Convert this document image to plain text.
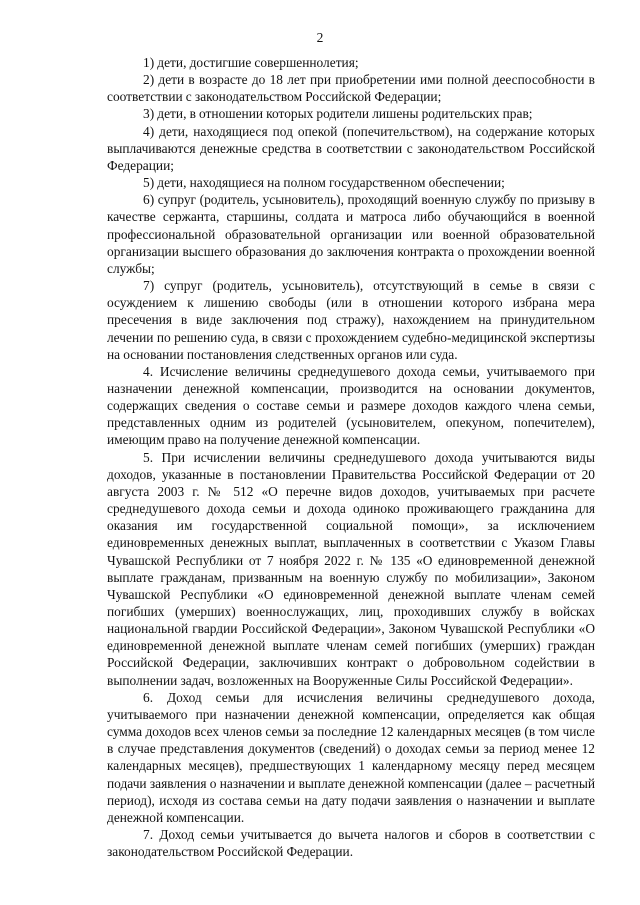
2

1) дети, достигшие совершеннолетия;

2) дети в возрасте до 18 лет при приобретении ими полной дееспособности в соответствии с законодательством Российской Федерации;

3) дети, в отношении которых родители лишены родительских прав;

4) дети, находящиеся под опекой (попечительством), на содержание которых выплачиваются денежные средства в соответствии с законодательством Российской Федерации;

5) дети, находящиеся на полном государственном обеспечении;

6) супруг (родитель, усыновитель), проходящий военную службу по призыву в качестве сержанта, старшины, солдата и матроса либо обучающийся в военной профессиональной образовательной организации или военной образовательной организации высшего образования до заключения контракта о прохождении военной службы;

7) супруг (родитель, усыновитель), отсутствующий в семье в связи с осуждением к лишению свободы (или в отношении которого избрана мера пресечения в виде заключения под стражу), нахождением на принудительном лечении по решению суда, в связи с прохождением судебно-медицинской экспертизы на основании постановления следственных органов или суда.

4. Исчисление величины среднедушевого дохода семьи, учитываемого при назначении денежной компенсации, производится на основании документов, содержащих сведения о составе семьи и размере доходов каждого члена семьи, представленных одним из родителей (усыновителем, опекуном, попечителем), имеющим право на получение денежной компенсации.

5. При исчислении величины среднедушевого дохода учитываются виды доходов, указанные в постановлении Правительства Российской Федерации от 20 августа 2003 г. № 512 «О перечне видов доходов, учитываемых при расчете среднедушевого дохода семьи и дохода одиноко проживающего гражданина для оказания им государственной социальной помощи», за исключением единовременных денежных выплат, выплаченных в соответствии с Указом Главы Чувашской Республики от 7 ноября 2022 г. № 135 «О единовременной денежной выплате гражданам, призванным на военную службу по мобилизации», Законом Чувашской Республики «О единовременной денежной выплате членам семей погибших (умерших) военнослужащих, лиц, проходивших службу в войсках национальной гвардии Российской Федерации», Законом Чувашской Республики «О единовременной денежной выплате членам семей погибших (умерших) граждан Российской Федерации, заключивших контракт о добровольном содействии в выполнении задач, возложенных на Вооруженные Силы Российской Федерации».

6. Доход семьи для исчисления величины среднедушевого дохода, учитываемого при назначении денежной компенсации, определяется как общая сумма доходов всех членов семьи за последние 12 календарных месяцев (в том числе в случае представления документов (сведений) о доходах семьи за период менее 12 календарных месяцев), предшествующих 1 календарному месяцу перед месяцем подачи заявления о назначении и выплате денежной компенсации (далее – расчетный период), исходя из состава семьи на дату подачи заявления о назначении и выплате денежной компенсации.

7. Доход семьи учитывается до вычета налогов и сборов в соответствии с законодательством Российской Федерации.
